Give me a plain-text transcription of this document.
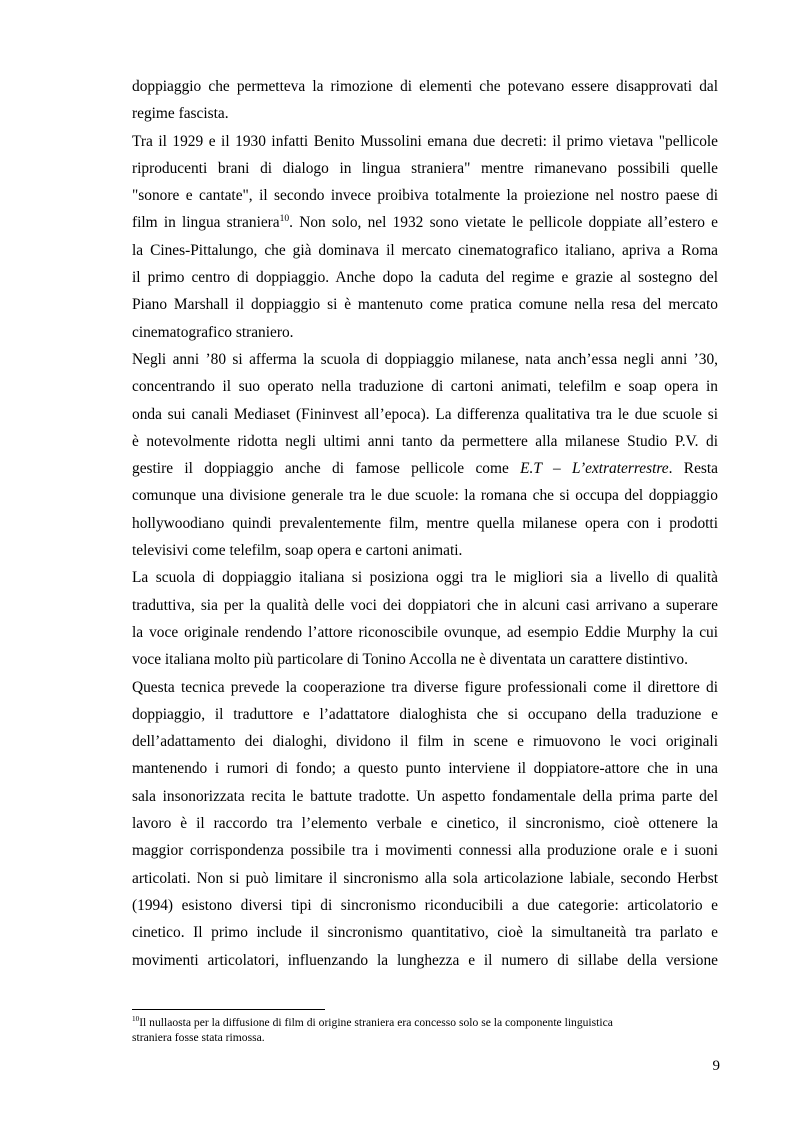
doppiaggio che permetteva la rimozione di elementi che potevano essere disapprovati dal
regime fascista.
Tra il 1929 e il 1930 infatti Benito Mussolini emana due decreti: il primo vietava "pellicole
riproducenti brani di dialogo in lingua straniera" mentre rimanevano possibili quelle
"sonore e cantate", il secondo invece proibiva totalmente la proiezione nel nostro paese di
film in lingua straniera$^{10}$. Non solo, nel 1932 sono vietate le pellicole doppiate all’estero e
la Cines-Pittalungo, che già dominava il mercato cinematografico italiano, apriva a Roma
il primo centro di doppiaggio. Anche dopo la caduta del regime e grazie al sostegno del
Piano Marshall il doppiaggio si è mantenuto come pratica comune nella resa del mercato
cinematografico straniero.
Negli anni ’80 si afferma la scuola di doppiaggio milanese, nata anch’essa negli anni ’30,
concentrando il suo operato nella traduzione di cartoni animati, telefilm e soap opera in
onda sui canali Mediaset (Fininvest all’epoca). La differenza qualitativa tra le due scuole si
è notevolmente ridotta negli ultimi anni tanto da permettere alla milanese Studio P.V. di
gestire il doppiaggio anche di famose pellicole come E.T – L’extraterrestre. Resta
comunque una divisione generale tra le due scuole: la romana che si occupa del doppiaggio
hollywoodiano quindi prevalentemente film, mentre quella milanese opera con i prodotti
televisivi come telefilm, soap opera e cartoni animati.
La scuola di doppiaggio italiana si posiziona oggi tra le migliori sia a livello di qualità
traduttiva, sia per la qualità delle voci dei doppiatori che in alcuni casi arrivano a superare
la voce originale rendendo l’attore riconoscibile ovunque, ad esempio Eddie Murphy la cui
voce italiana molto più particolare di Tonino Accolla ne è diventata un carattere distintivo.
Questa tecnica prevede la cooperazione tra diverse figure professionali come il direttore di
doppiaggio, il traduttore e l’adattatore dialoghista che si occupano della traduzione e
dell’adattamento dei dialoghi, dividono il film in scene e rimuovono le voci originali
mantenendo i rumori di fondo; a questo punto interviene il doppiatore-attore che in una
sala insonorizzata recita le battute tradotte. Un aspetto fondamentale della prima parte del
lavoro è il raccordo tra l’elemento verbale e cinetico, il sincronismo, cioè ottenere la
maggior corrispondenza possibile tra i movimenti connessi alla produzione orale e i suoni
articolati. Non si può limitare il sincronismo alla sola articolazione labiale, secondo Herbst
(1994) esistono diversi tipi di sincronismo riconducibili a due categorie: articolatorio e
cinetico. Il primo include il sincronismo quantitativo, cioè la simultaneità tra parlato e
movimenti articolatori, influenzando la lunghezza e il numero di sillabe della versione
$^{10}$Il nullaosta per la diffusione di film di origine straniera era concesso solo se la componente linguistica
straniera fosse stata rimossa.
9
